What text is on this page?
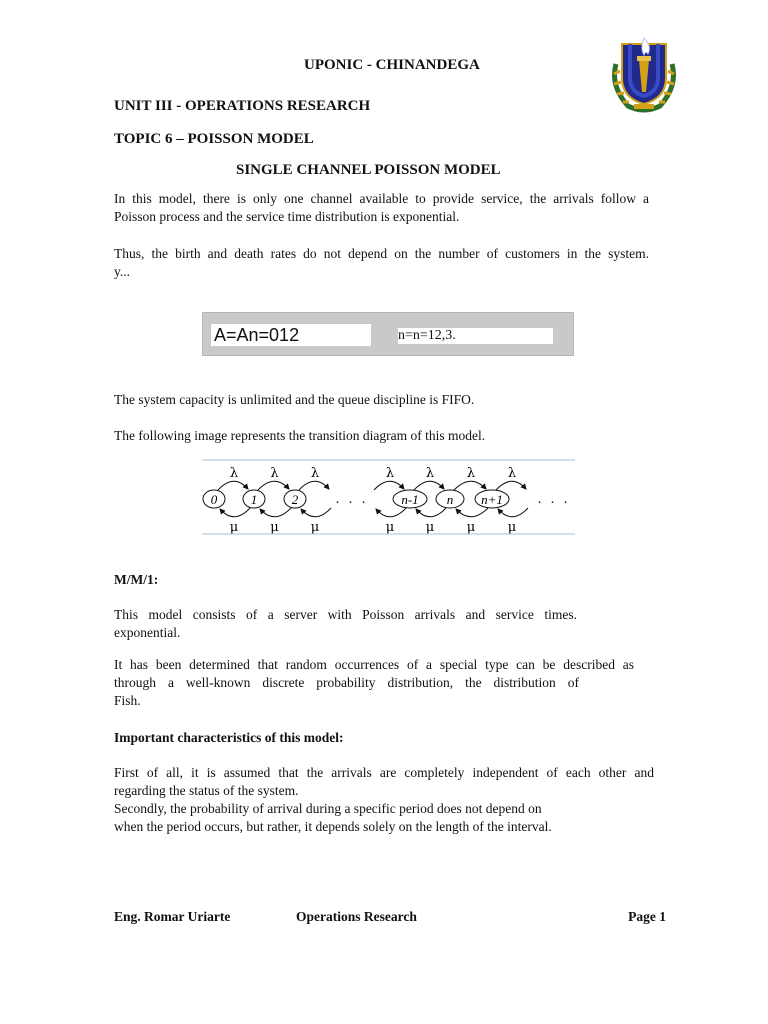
UPONIC - CHINANDEGA
UNIT III - OPERATIONS RESEARCH
TOPIC 6 – POISSON MODEL
SINGLE CHANNEL POISSON MODEL
In this model, there is only one channel available to provide service, the arrivals follow a
Poisson process and the service time distribution is exponential.
Thus, the birth and death rates do not depend on the number of customers in the system.
y...
A=An=012	n=n=12,3.
The system capacity is unlimited and the queue discipline is FIFO.
The following image represents the transition diagram of this model.
0	1	2	n-1 n n+1
λ
μ
λ
μ
λ
μ
λ
μ
λ
μ
λ
μ
λ
μ
. . .	. . .
M/M/1:
This model consists of a server with Poisson arrivals and service times.
exponential.
It has been determined that random occurrences of a special type can be described as
through a well-known discrete probability distribution, the distribution of
Fish.
Important characteristics of this model:
First of all, it is assumed that the arrivals are completely independent of each other and
regarding the status of the system.
Secondly, the probability of arrival during a specific period does not depend on
when the period occurs, but rather, it depends solely on the length of the interval.
Eng. Romar Uriarte	Operations Research	Page 1
